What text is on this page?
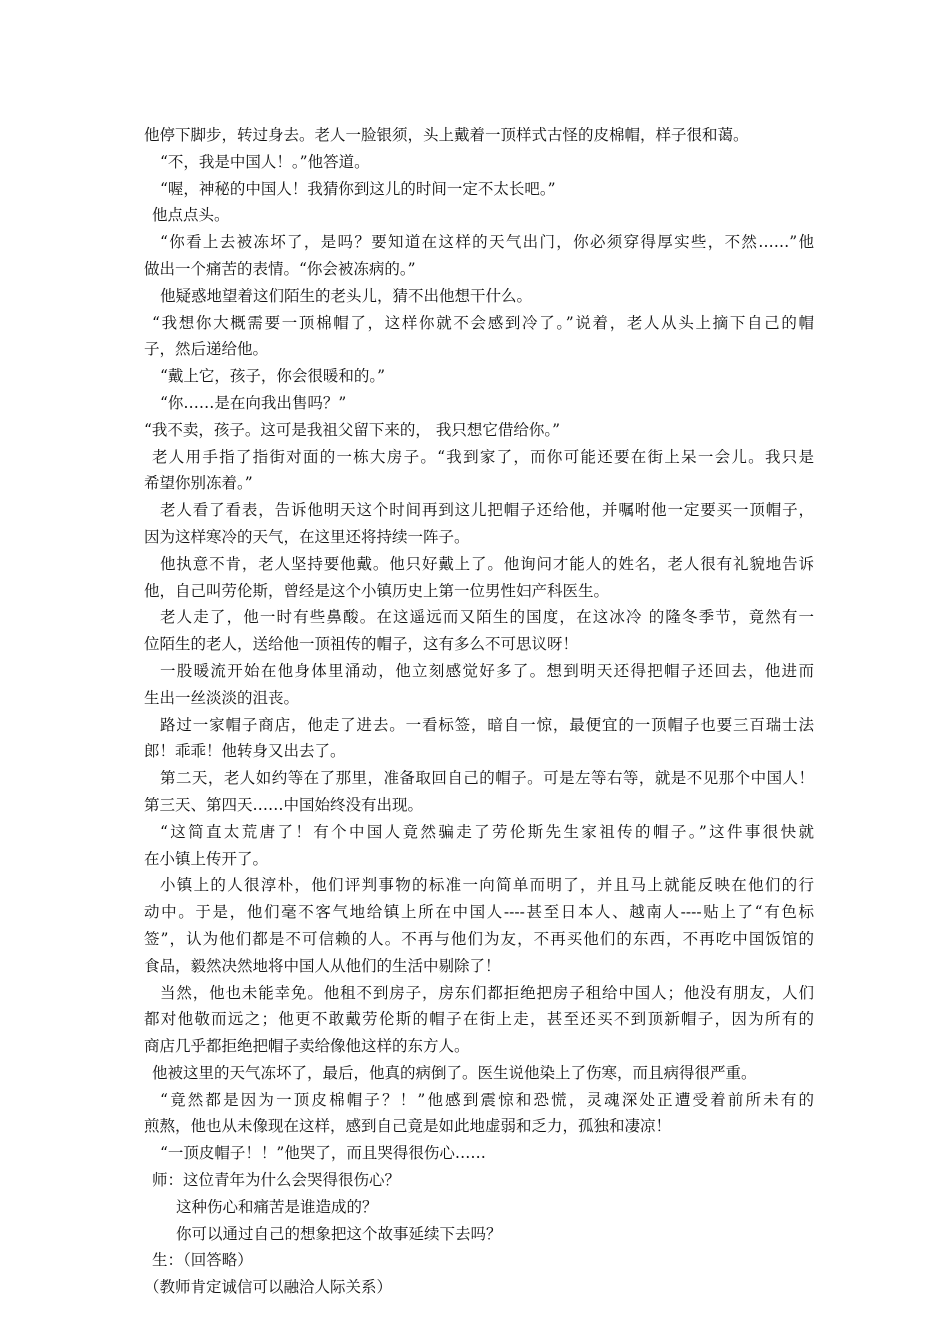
他停下脚步，转过身去。老人一脸银须，头上戴着一顶样式古怪的皮棉帽，样子很和蔼。
“不，我是中国人！。”他答道。
“喔，神秘的中国人！我猜你到这儿的时间一定不太长吧。”
他点点头。
“你看上去被冻坏了，是吗？要知道在这样的天气出门，你必须穿得厚实些，不然……”他
做出一个痛苦的表情。“你会被冻病的。”
他疑惑地望着这们陌生的老头儿，猜不出他想干什么。
“我想你大概需要一顶棉帽了，这样你就不会感到冷了。”说着，老人从头上摘下自己的帽
子，然后递给他。
“戴上它，孩子，你会很暖和的。”
“你……是在向我出售吗？”
“我不卖，孩子。这可是我祖父留下来的， 我只想它借给你。”
老人用手指了指街对面的一栋大房子。“我到家了，而你可能还要在街上呆一会儿。我只是
希望你别冻着。”
老人看了看表，告诉他明天这个时间再到这儿把帽子还给他，并嘱咐他一定要买一顶帽子，
因为这样寒冷的天气，在这里还将持续一阵子。
他执意不肯，老人坚持要他戴。他只好戴上了。他询问才能人的姓名，老人很有礼貌地告诉
他，自己叫劳伦斯，曾经是这个小镇历史上第一位男性妇产科医生。
老人走了，他一时有些鼻酸。在这遥远而又陌生的国度，在这冰冷 的隆冬季节，竟然有一
位陌生的老人，送给他一顶祖传的帽子，这有多么不可思议呀！
一股暖流开始在他身体里涌动，他立刻感觉好多了。想到明天还得把帽子还回去，他进而
生出一丝淡淡的沮丧。
路过一家帽子商店，他走了进去。一看标签，暗自一惊，最便宜的一顶帽子也要三百瑞士法
郎！乖乖！他转身又出去了。
第二天，老人如约等在了那里，准备取回自己的帽子。可是左等右等，就是不见那个中国人！
第三天、第四天……中国始终没有出现。
“这简直太荒唐了！有个中国人竟然骗走了劳伦斯先生家祖传的帽子。”这件事很快就
在小镇上传开了。
小镇上的人很淳朴，他们评判事物的标准一向简单而明了，并且马上就能反映在他们的行
动中。于是，他们毫不客气地给镇上所在中国人----甚至日本人、越南人----贴上了“有色标
签”，认为他们都是不可信赖的人。不再与他们为友，不再买他们的东西，不再吃中国饭馆的
食品，毅然决然地将中国人从他们的生活中剔除了！
当然，他也未能幸免。他租不到房子，房东们都拒绝把房子租给中国人；他没有朋友，人们
都对他敬而远之；他更不敢戴劳伦斯的帽子在街上走，甚至还买不到顶新帽子，因为所有的
商店几乎都拒绝把帽子卖给像他这样的东方人。
他被这里的天气冻坏了，最后，他真的病倒了。医生说他染上了伤寒，而且病得很严重。
“竟然都是因为一顶皮棉帽子？！”他感到震惊和恐慌，灵魂深处正遭受着前所未有的
煎熬，他也从未像现在这样，感到自己竟是如此地虚弱和乏力，孤独和凄凉！
“一顶皮帽子！！”他哭了，而且哭得很伤心……
师：这位青年为什么会哭得很伤心？
这种伤心和痛苦是谁造成的？
你可以通过自己的想象把这个故事延续下去吗？
生：（回答略）
（教师肯定诚信可以融洽人际关系）
